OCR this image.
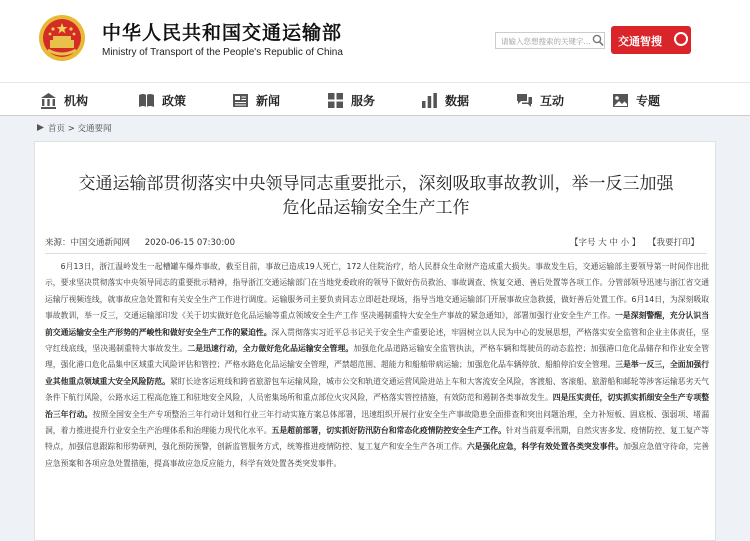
中华人民共和国交通运输部
Ministry of Transport of the People's Republic of China
请输入您想搜索的关键字...	交通智搜
机构	政策	新闻	服务	数据	互动	专题
首页 > 交通要闻
交通运输部贯彻落实中央领导同志重要批示，深刻吸取事故教训，举一反三加强危化品运输安全生产工作
来源：中国交通新闻网 2020-06-15 07:30:00	【字号 大 中 小 】 【我要打印】
6月13日，浙江温岭发生一起槽罐车爆炸事故，截至目前，事故已造成19人死亡，172人住院治疗，给人民群众生命财产造成重大损失。事故发生后，交通运输部主要领导第一时间作出批示，要求坚决贯彻落实中央领导同志的重要批示精神，指导浙江交通运输部门在当地党委政府的领导下做好伤员救治、事故调查、恢复交通、善后处置等各项工作。分管部领导迅速与浙江省交通运输厅视频连线，就事故应急处置和有关安全生产工作进行调度。运输服务司主要负责同志立即赶赴现场，指导当地交通运输部门开展事故应急救援，做好善后处置工作。6月14日，为深刻吸取事故教训，举一反三，交通运输部印发《关于切实做好危化品运输等重点领域安全生产工作 坚决遏制重特大安全生产事故的紧急通知》，部署加强行业安全生产工作。一是深刻警醒，充分认识当前交通运输安全生产形势的严峻性和做好安全生产工作的紧迫性。深入贯彻落实习近平总书记关于安全生产重要论述，牢固树立以人民为中心的发展思想，严格落实安全监管和企业主体责任，坚守红线底线，坚决遏制重特大事故发生。二是迅速行动，全力做好危化品运输安全管理。加强危化品道路运输安全监管执法，严格车辆和驾驶员的动态监控；加强港口危化品储存和作业安全管理，强化港口危化品集中区域重大风险评估和管控；严格水路危化品运输安全管理，严禁超范围、超能力和船舶带病运输；加强危化品车辆停放、船舶停泊安全管理。三是举一反三，全面加强行业其他重点领域重大安全风险防范。紧盯长途客运班线和跨省旅游包车运输风险，城市公交和轨道交通运营风险进站上车和大客流安全风险，客渡船、客滚船、旅游船和邮轮等涉客运输恶劣天气条件下航行风险，公路水运工程高危施工和驻地安全风险，人员密集场所和重点部位火灾风险，严格落实管控措施，有效防范和遏制各类事故发生。四是压实责任，切实抓实抓细安全生产专项整治三年行动。按照全国安全生产专项整治三年行动计划和行业三年行动实施方案总体部署，迅速组织开展行业安全生产事故隐患全面排查和突出问题治理，全力补短板、固底板、强弱项、堵漏洞，着力推进提升行业安全生产治理体系和治理能力现代化水平。五是超前部署，切实抓好防汛防台和常态化疫情防控安全生产工作。针对当前夏季汛期，自然灾害多发、疫情防控、复工复产等特点，加强信息跟踪和形势研判，强化预防预警，创新监管服务方式，统筹推进疫情防控、复工复产和安全生产各项工作。六是强化应急，科学有效处置各类突发事件。加强应急值守待命，完善应急预案和各项应急处置措施，提高事故应急反应能力，科学有效处置各类突发事件。
